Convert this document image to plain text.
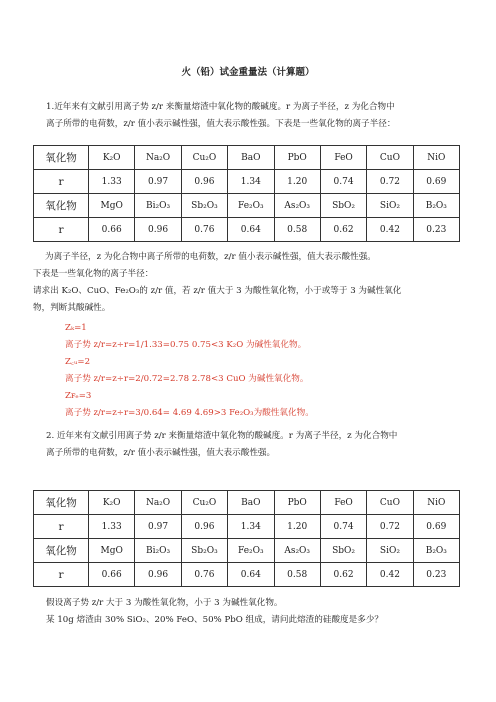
火（铅）试金重量法（计算题）

1.近年来有文献引用离子势 z/r 来衡量熔渣中氧化物的酸碱度。r 为离子半径，z 为化合物中
离子所带的电荷数，z/r 值小表示碱性强，值大表示酸性强。下表是一些氧化物的离子半径：

氧化物	K₂O	Na₂O	Cu₂O	BaO	PbO	FeO	CuO	NiO
r	1.33	0.97	0.96	1.34	1.20	0.74	0.72	0.69
氧化物	MgO	Bi₂O₃	Sb₂O₃	Fe₂O₃	As₂O₃	SbO₂	SiO₂	B₂O₃
r	0.66	0.96	0.76	0.64	0.58	0.62	0.42	0.23

为离子半径，z 为化合物中离子所带的电荷数，z/r 值小表示碱性强，值大表示酸性强。
下表是一些氧化物的离子半径：
请求出 K₂O、CuO、Fe₂O₃的 z/r 值，若 z/r 值大于 3 为酸性氧化物，小于或等于 3 为碱性氧化
物，判断其酸碱性。

Zₖ=1
离子势 z/r=z÷r=1/1.33=0.75 0.75<3 K₂O 为碱性氧化物。
Z꜀ᵤ=2
离子势 z/r=z÷r=2/0.72=2.78 2.78<3 CuO 为碱性氧化物。
Zꜰₑ=3
离子势 z/r=z÷r=3/0.64= 4.69 4.69>3 Fe₂O₃为酸性氧化物。

2. 近年来有文献引用离子势 z/r 来衡量熔渣中氧化物的酸碱度。r 为离子半径，z 为化合物中
离子所带的电荷数，z/r 值小表示碱性强，值大表示酸性强。

氧化物	K₂O	Na₂O	Cu₂O	BaO	PbO	FeO	CuO	NiO
r	1.33	0.97	0.96	1.34	1.20	0.74	0.72	0.69
氧化物	MgO	Bi₂O₃	Sb₂O₃	Fe₂O₃	As₂O₃	SbO₂	SiO₂	B₂O₃
r	0.66	0.96	0.76	0.64	0.58	0.62	0.42	0.23

假设离子势 z/r 大于 3 为酸性氧化物，小于 3 为碱性氧化物。
某 10g 熔渣由 30% SiO₂、20% FeO、50% PbO 组成，请问此熔渣的硅酸度是多少？
